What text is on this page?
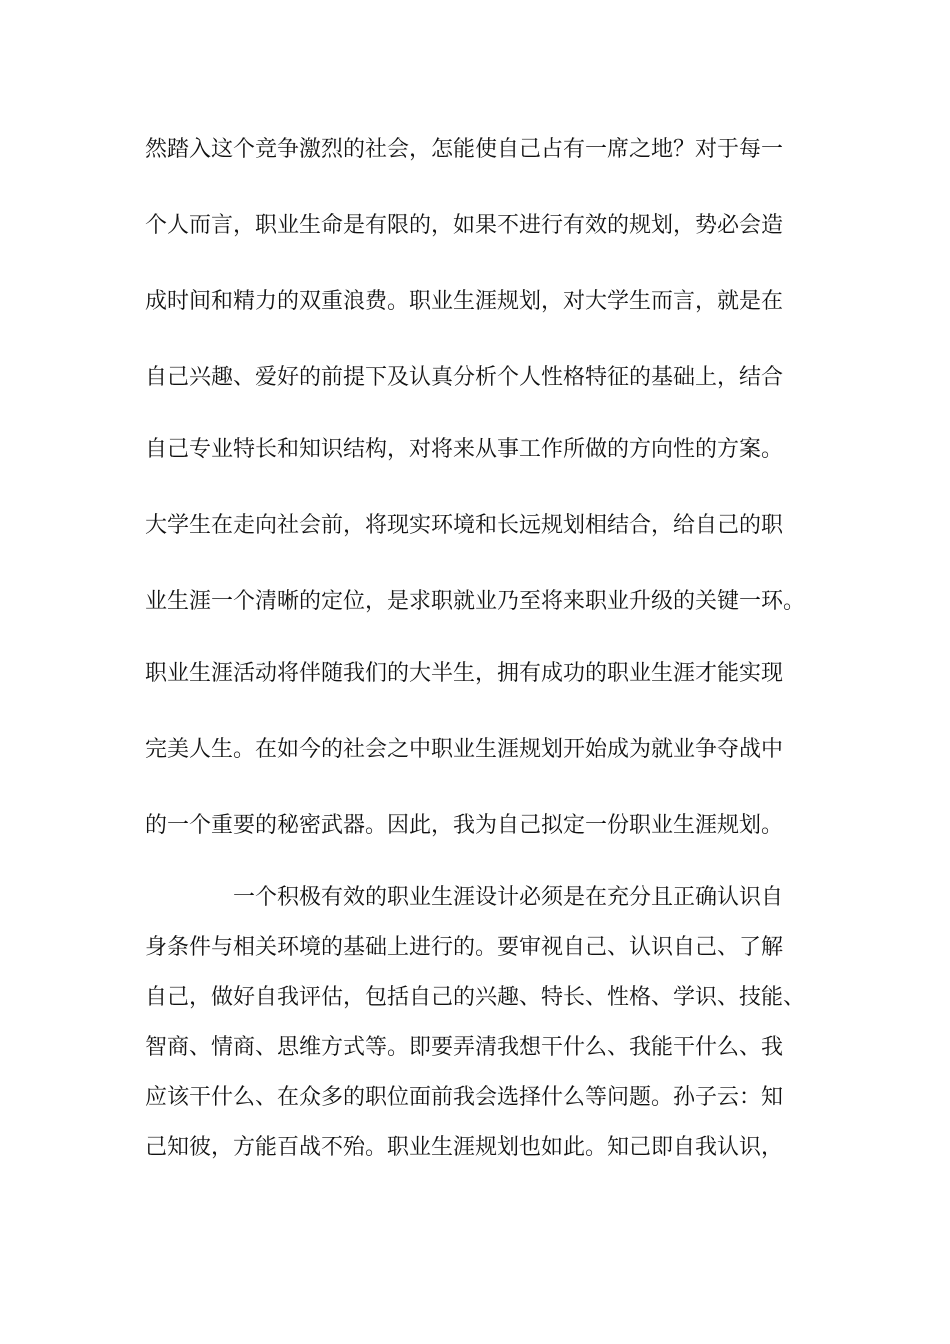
然踏入这个竞争激烈的社会，怎能使自己占有一席之地？对于每一
个人而言，职业生命是有限的，如果不进行有效的规划，势必会造
成时间和精力的双重浪费。职业生涯规划，对大学生而言，就是在
自己兴趣、爱好的前提下及认真分析个人性格特征的基础上，结合
自己专业特长和知识结构，对将来从事工作所做的方向性的方案。
大学生在走向社会前，将现实环境和长远规划相结合，给自己的职
业生涯一个清晰的定位，是求职就业乃至将来职业升级的关键一环。
职业生涯活动将伴随我们的大半生，拥有成功的职业生涯才能实现
完美人生。在如今的社会之中职业生涯规划开始成为就业争夺战中
的一个重要的秘密武器。因此，我为自己拟定一份职业生涯规划。
一个积极有效的职业生涯设计必须是在充分且正确认识自
身条件与相关环境的基础上进行的。要审视自己、认识自己、了解
自己，做好自我评估，包括自己的兴趣、特长、性格、学识、技能、
智商、情商、思维方式等。即要弄清我想干什么、我能干什么、我
应该干什么、在众多的职位面前我会选择什么等问题。孙子云：知
己知彼，方能百战不殆。职业生涯规划也如此。知己即自我认识，
